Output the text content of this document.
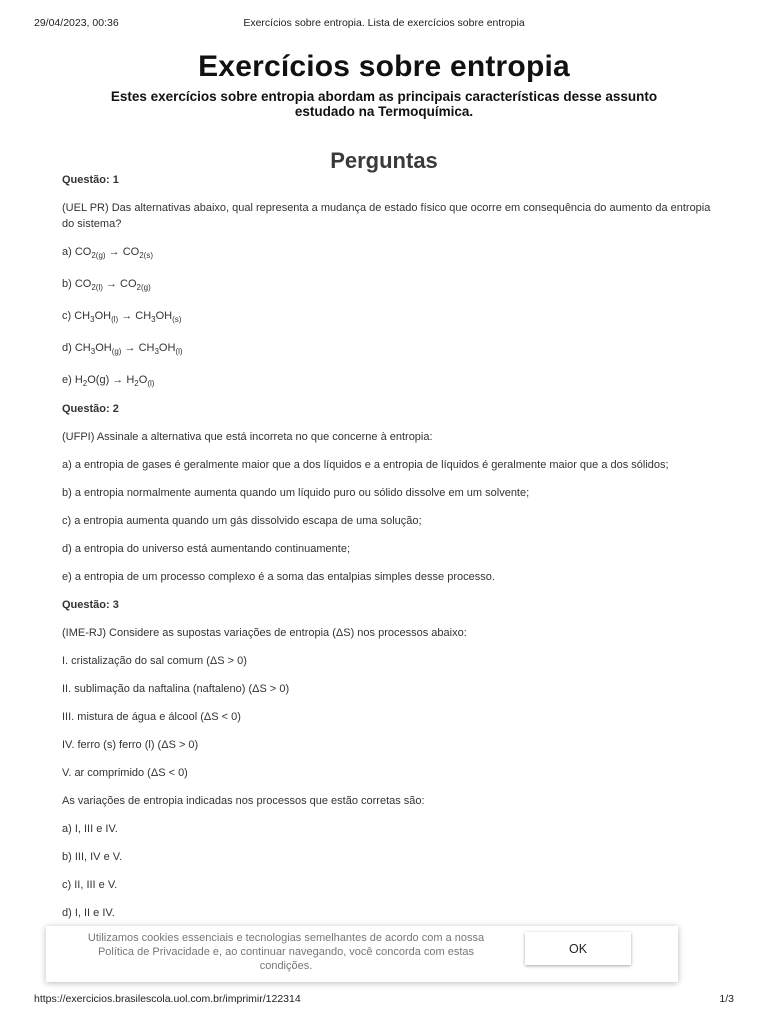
29/04/2023, 00:36	Exercícios sobre entropia. Lista de exercícios sobre entropia
Exercícios sobre entropia

Estes exercícios sobre entropia abordam as principais características desse assunto estudado na Termoquímica.

Perguntas

Questão: 1

(UEL PR) Das alternativas abaixo, qual representa a mudança de estado físico que ocorre em consequência do aumento da entropia do sistema?

a) $CO_{2(g)} \to CO_{2(s)}$

b) $CO_{2(l)} \to CO_{2(g)}$

c) $CH_3OH_{(l)} \to CH_3OH_{(s)}$

d) $CH_3OH_{(g)} \to CH_3OH_{(l)}$

e) $H_2O(g) \to H_2O_{(l)}$

Questão: 2

(UFPI) Assinale a alternativa que está incorreta no que concerne à entropia:

a) a entropia de gases é geralmente maior que a dos líquidos e a entropia de líquidos é geralmente maior que a dos sólidos;

b) a entropia normalmente aumenta quando um líquido puro ou sólido dissolve em um solvente;

c) a entropia aumenta quando um gás dissolvido escapa de uma solução;

d) a entropia do universo está aumentando continuamente;

e) a entropia de um processo complexo é a soma das entalpias simples desse processo.

Questão: 3

(IME-RJ) Considere as supostas variações de entropia (ΔS) nos processos abaixo:

I. cristalização do sal comum (ΔS > 0)

II. sublimação da naftalina (naftaleno) (ΔS > 0)

III. mistura de água e álcool (ΔS < 0)

IV. ferro (s) ferro (l) (ΔS > 0)

V. ar comprimido (ΔS < 0)

As variações de entropia indicadas nos processos que estão corretas são:

a) I, III e IV.

b) III, IV e V.

c) II, III e V.

d) I, II e IV.

Utilizamos cookies essenciais e tecnologias semelhantes de acordo com a nossa Política de Privacidade e, ao continuar navegando, você concorda com estas condições.
OK
https://exercicios.brasilescola.uol.com.br/imprimir/122314	1/3
